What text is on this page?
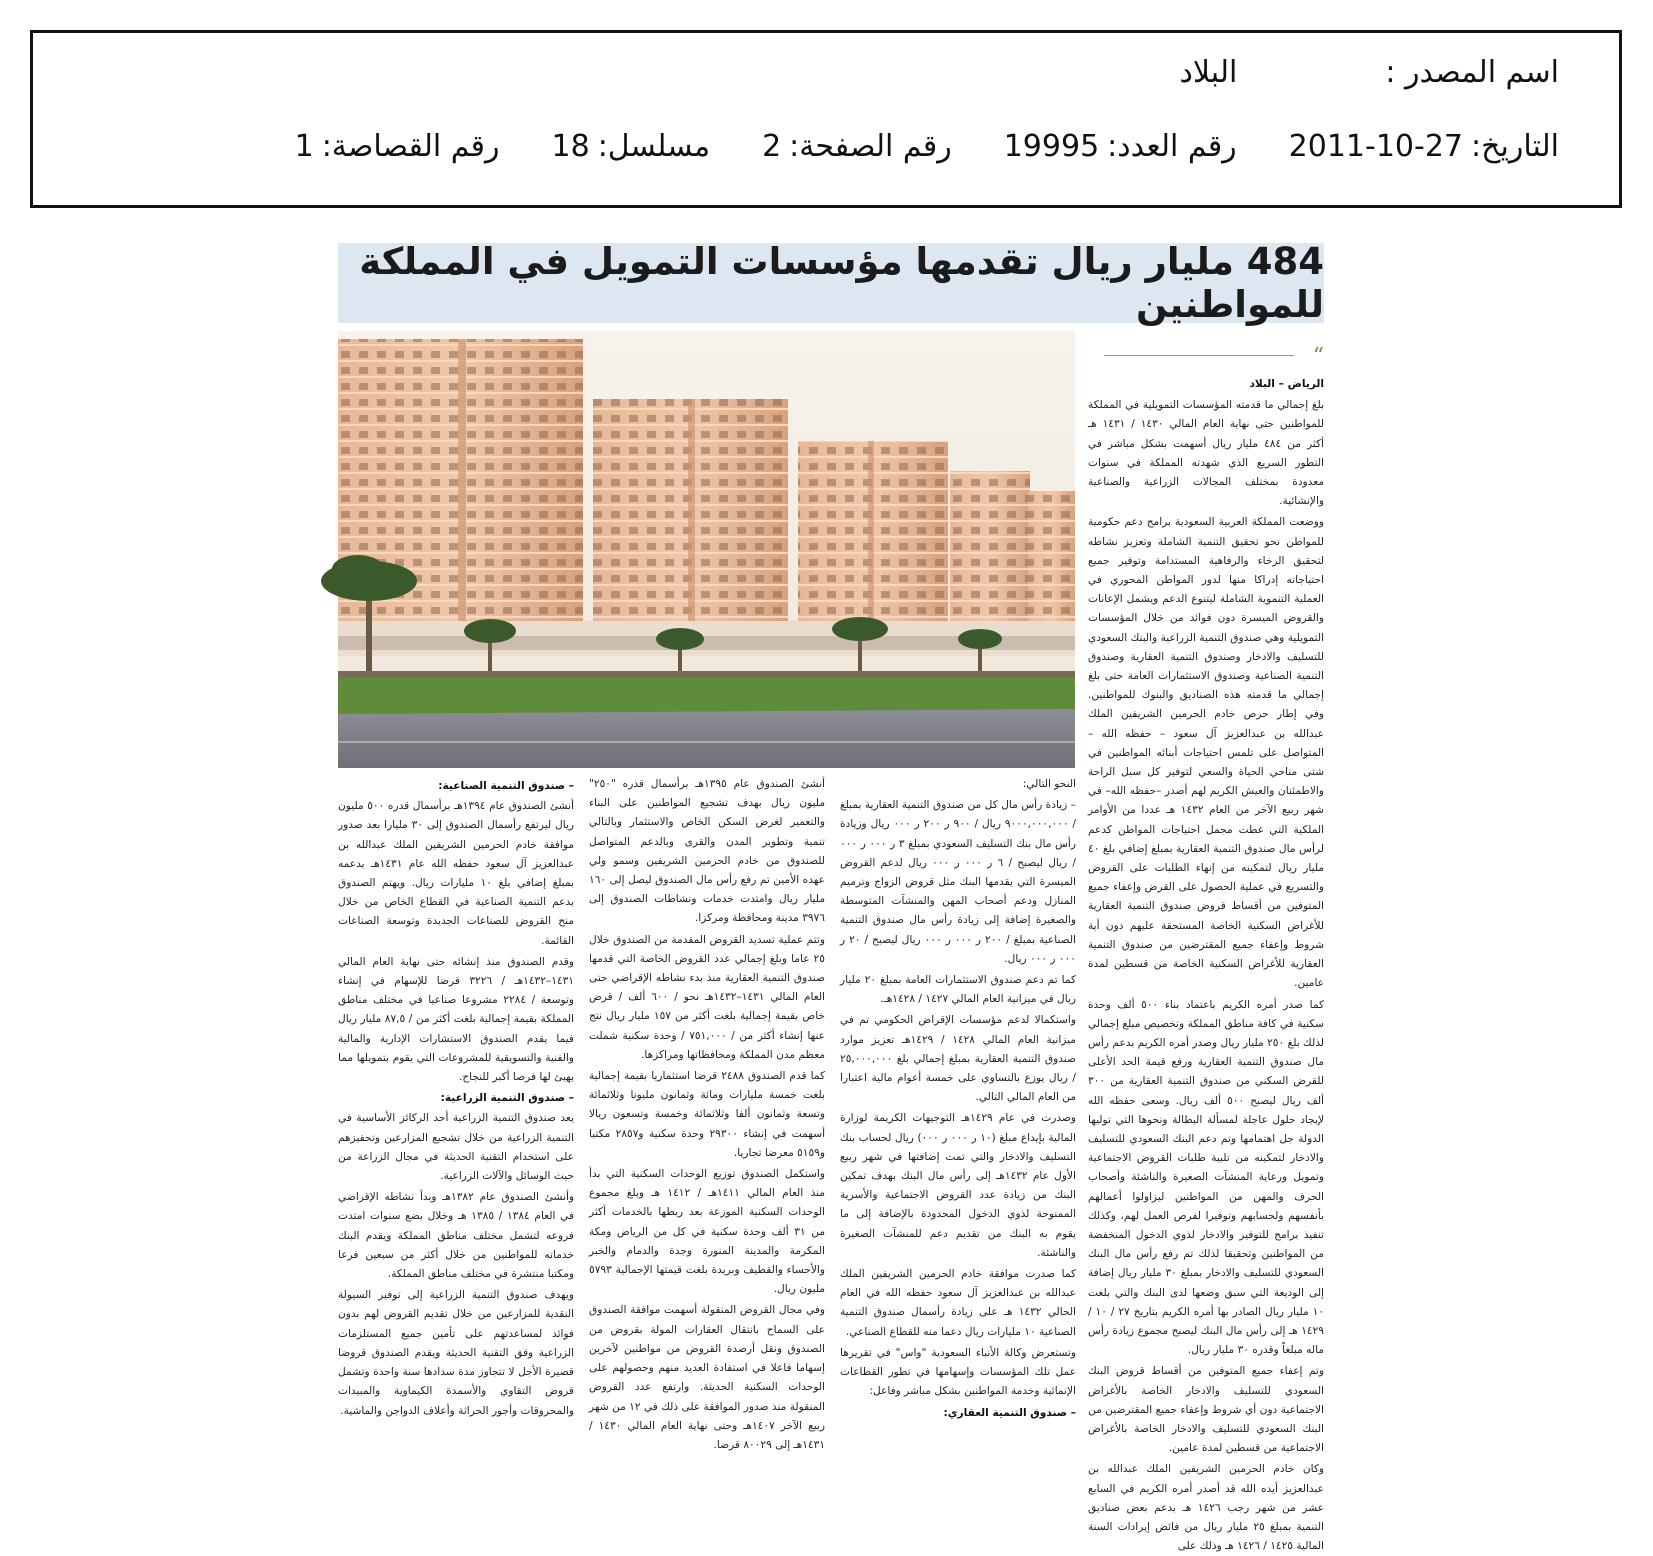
اسم المصدر :
البلاد
التاريخ:
2011-10-27
رقم العدد:
19995
رقم الصفحة:
2
مسلسل:
18
رقم القصاصة:
1
484 مليار ريال تقدمها مؤسسات التمويل في المملكة للمواطنين
“

الرياض – البلاد

بلغ إجمالي ما قدمته المؤسسات التمويلية في المملكة للمواطنين حتى نهاية العام المالي ١٤٣٠ / ١٤٣١ هـ أكثر من ٤٨٤ مليار ريال أسهمت بشكل مباشر في التطور السريع الذي شهدته المملكة في سنوات معدودة بمختلف المجالات الزراعية والصناعية والإنشائية.

ووضعت المملكة العربية السعودية برامج دعم حكومية للمواطن نحو تحقيق التنمية الشاملة وتعزيز نشاطه لتحقيق الرخاء والرفاهية المستدامة وتوفير جميع احتياجاته إدراكا منها لدور المواطن المحوري في العملية التنموية الشاملة ليتنوع الدعم ويشمل الإعانات والقروض الميسرة دون فوائد من خلال المؤسسات التمويلية وهي صندوق التنمية الزراعية والبنك السعودي للتسليف والادخار وصندوق التنمية العقارية وصندوق التنمية الصناعية وصندوق الاستثمارات العامة حتى بلغ إجمالي ما قدمته هذه الصناديق والبنوك للمواطنين. وفي إطار حرص خادم الحرمين الشريفين الملك عبدالله بن عبدالعزيز آل سعود – حفظه الله – المتواصل على تلمس احتياجات أبنائه المواطنين في شتى مناحي الحياة والسعي لتوفير كل سبل الراحة والاطمئنان والعيش الكريم لهم أصدر –حفظه الله– في شهر ربيع الآخر من العام ١٤٣٢ هـ عددا من الأوامر الملكية التي غطت مجمل احتياجات المواطن كدعم لرأس مال صندوق التنمية العقارية بمبلغ إضافي بلغ ٤٠ مليار ريال لتمكينه من إنهاء الطلبات على القروض والتسريع في عملية الحصول على القرض وإعفاء جميع المتوفين من أقساط قروض صندوق التنمية العقارية للأغراض السكنية الخاصة المستحقة عليهم دون أية شروط وإعفاء جميع المقترضين من صندوق التنمية العقارية للأغراض السكنية الخاصة من قسطين لمدة عامين.

كما صدر أمره الكريم باعتماد بناء ٥٠٠ ألف وحدة سكنية في كافة مناطق المملكة وتخصيص مبلغ إجمالي لذلك بلغ ٢٥٠ مليار ريال وصدر أمره الكريم بدعم رأس مال صندوق التنمية العقارية ورفع قيمة الحد الأعلى للقرض السكني من صندوق التنمية العقارية من ٣٠٠ ألف ريال ليصبح ٥٠٠ ألف ريال. وسعى حفظه الله لإيجاد حلول عاجلة لمسألة البطالة ونحوها التي توليها الدولة جل اهتمامها وتم دعم البنك السعودي للتسليف والادخار لتمكينه من تلبية طلبات القروض الاجتماعية وتمويل ورعاية المنشآت الصغيرة والناشئة وأصحاب الحرف والمهن من المواطنين ليزاولوا أعمالهم بأنفسهم ولحسابهم وتوفيرا لفرص العمل لهم، وكذلك تنفيذ برامج للتوفير والادخار لذوي الدخول المنخفضة من المواطنين وتحقيقا لذلك تم رفع رأس مال البنك السعودي للتسليف والادخار بمبلغ ٣٠ مليار ريال إضافة إلى الوديعة التي سبق وضعها لدى البنك والتي بلغت ١٠ مليار ريال الصادر بها أمره الكريم بتاريخ ٢٧ / ١٠ / ١٤٢٩ هـ إلى رأس مال البنك ليصبح مجموع زيادة رأس ماله مبلغاً وقدره ٣٠ مليار ريال.

وتم إعفاء جميع المتوفين من أقساط قروض البنك السعودي للتسليف والادخار الخاصة بالأغراض الاجتماعية دون أي شروط وإعفاء جميع المقترضين من البنك السعودي للتسليف والادخار الخاصة بالأغراض الاجتماعية من قسطين لمدة عامين.

وكان خادم الحرمين الشريفين الملك عبدالله بن عبدالعزيز أيده الله قد أصدر أمره الكريم في السابع عشر من شهر رجب ١٤٢٦ هـ بدعم بعض صناديق التنمية بمبلغ ٢٥ مليار ريال من فائض إيرادات السنة المالية ١٤٢٥ / ١٤٢٦ هـ وذلك على

النحو التالي:

– زيادة رأس مال كل من صندوق التنمية العقارية بمبلغ / ٩٠٠٠,٠٠٠,٠٠٠ ريال / ٩٠٠ ر ٢٠٠ ر ٠٠٠ ريال وزيادة رأس مال بنك التسليف السعودي بمبلغ ٣ ر ٠٠٠ ر ٠٠٠ / ريال ليصبح / ٦ ر ٠٠٠ ر ٠٠٠ ريال لدعم القروض الميسرة التي يقدمها البنك مثل قروض الزواج وترميم المنازل ودعم أصحاب المهن والمنشآت المتوسطة والصغيرة إضافة إلى زيادة رأس مال صندوق التنمية الصناعية بمبلغ / ٢٠٠ ر ٠٠٠ ر ٠٠٠ ريال ليصبح / ٢٠ ر ٠٠٠ ر ٠٠٠ ريال.

كما تم دعم صندوق الاستثمارات العامة بمبلغ ٢٠ مليار ريال في ميزانية العام المالي ١٤٢٧ / ١٤٢٨هـ.

واستكمالا لدعم مؤسسات الإقراض الحكومي تم في ميزانية العام المالي ١٤٢٨ / ١٤٢٩هـ تعزيز موارد صندوق التنمية العقارية بمبلغ إجمالي بلغ ٢٥,٠٠٠,٠٠٠ / ريال يوزع بالتساوي على خمسة أعوام مالية اعتبارا من العام المالي التالي.

وصدرت في عام ١٤٢٩هـ التوجيهات الكريمة لوزارة المالية بإيداع مبلغ (١٠ ر ٠٠٠ ر ٠٠٠) ريال لحساب بنك التسليف والادخار والتي تمت إضافتها في شهر ربيع الأول عام ١٤٣٢هـ إلى رأس مال البنك بهدف تمكين البنك من زيادة عدد القروض الاجتماعية والأسرية الممنوحة لذوي الدخول المحدودة بالإضافة إلى ما يقوم به البنك من تقديم دعم للمنشآت الصغيرة والناشئة.

كما صدرت موافقة خادم الحرمين الشريفين الملك عبدالله بن عبدالعزيز آل سعود حفظه الله في العام الحالي ١٤٣٢ هـ على زيادة رأسمال صندوق التنمية الصناعية ١٠ مليارات ريال دعما منه للقطاع الصناعي.

وتستعرض وكالة الأنباء السعودية "واس" في تقريرها عمل تلك المؤسسات وإسهامها في تطور القطاعات الإنمائية وخدمة المواطنين بشكل مباشر وفاعل:

– صندوق التنمية العقاري:

أنشئ الصندوق عام ١٣٩٥هـ برأسمال قدره "٢٥٠" مليون ريال بهدف تشجيع المواطنين على البناء والتعمير لغرض السكن الخاص والاستثمار وبالتالي تنمية وتطوير المدن والقرى وبالدعم المتواصل للصندوق من خادم الحرمين الشريفين وسمو ولي عهده الأمين تم رفع رأس مال الصندوق ليصل إلى ١٦٠ مليار ريال وامتدت خدمات ونشاطات الصندوق إلى ٣٩٧٦ مدينة ومحافظة ومركزا.

وتتم عملية تسديد القروض المقدمة من الصندوق خلال ٢٥ عاما وبلغ إجمالي عدد القروض الخاصة التي قدمها صندوق التنمية العقارية منذ بدء نشاطه الإقراضي حتى العام المالي ١٤٣١–١٤٣٢هـ نحو / ٦٠٠ ألف / قرض خاص بقيمة إجمالية بلغت أكثر من ١٥٧ مليار ريال نتج عنها إنشاء أكثر من / ٧٥١,٠٠٠ / وحدة سكنية شملت معظم مدن المملكة ومحافظاتها ومراكزها.

كما قدم الصندوق ٢٤٨٨ قرضا استثماريا بقيمة إجمالية بلغت خمسة مليارات ومائة وثمانون مليونا وثلاثمائة وتسعة وثمانون ألفا وثلاثمائة وخمسة وتسعون ريالا أسهمت في إنشاء ٢٩٣٠٠ وحدة سكنية و٢٨٥٧ مكتبا و٥١٥٩ معرضا تجاريا.

واستكمل الصندوق توزيع الوحدات السكنية التي بدأ منذ العام المالي ١٤١١هـ / ١٤١٢ هـ وبلغ مجموع الوحدات السكنية الموزعة بعد ربطها بالخدمات أكثر من ٣١ ألف وحدة سكنية في كل من الرياض ومكة المكرمة والمدينة المنورة وجدة والدمام والخبر والأحساء والقطيف وبريدة بلغت قيمتها الإجمالية ٥٧٩٣ مليون ريال.

وفي مجال القروض المنقولة أسهمت موافقة الصندوق على السماح بانتقال العقارات المولة بقروض من الصندوق ونقل أرصدة القروض من مواطنين لآخرين إسهاما فاعلا في استفادة العديد منهم وحصولهم على الوحدات السكنية الحديثة. وارتفع عدد القروض المنقولة منذ صدور الموافقة على ذلك في ١٢ من شهر ربيع الآخر ١٤٠٧هـ وحتى نهاية العام المالي ١٤٣٠ / ١٤٣١هـ إلى ٨٠٠٢٩ قرضا.

– صندوق التنمية الصناعية:

أنشئ الصندوق عام ١٣٩٤هـ برأسمال قدره ٥٠٠ مليون ريال ليرتفع رأسمال الصندوق إلى ٣٠ مليارا بعد صدور موافقة خادم الحرمين الشريفين الملك عبدالله بن عبدالعزيز آل سعود حفظه الله عام ١٤٣١هـ بدعمه بمبلغ إضافي بلغ ١٠ مليارات ريال. ويهتم الصندوق بدعم التنمية الصناعية في القطاع الخاص من خلال منح القروض للصناعات الجديدة وتوسعة الصناعات القائمة.

وقدم الصندوق منذ إنشائه حتى نهاية العام المالي ١٤٣١–١٤٣٢هـ / ٣٢٢٦ قرضا للإسهام في إنشاء وتوسعة / ٢٢٨٤ مشروعا صناعيا في مختلف مناطق المملكة بقيمة إجمالية بلغت أكثر من / ٨٧,٥ مليار ريال فيما يقدم الصندوق الاستشارات الإدارية والمالية والفنية والتسويقية للمشروعات التي يقوم بتمويلها مما يهيئ لها فرصا أكبر للنجاح.

– صندوق التنمية الزراعية:

يعد صندوق التنمية الزراعية أحد الركائز الأساسية في التنمية الزراعية من خلال تشجيع المزارعين وتحفيزهم على استخدام التقنية الحديثة في مجال الزراعة من حيث الوسائل والآلات الزراعية.

وأنشئ الصندوق عام ١٣٨٢هـ وبدأ نشاطه الإقراضي في العام ١٣٨٤ / ١٣٨٥ هـ وخلال بضع سنوات امتدت فروعه لتشمل مختلف مناطق المملكة ويقدم البنك خدماته للمواطنين من خلال أكثر من سبعين فرعا ومكتبا منتشرة في مختلف مناطق المملكة.

ويهدف صندوق التنمية الزراعية إلى توفير السيولة النقدية للمزارعين من خلال تقديم القروض لهم بدون فوائد لمساعدتهم على تأمين جميع المستلزمات الزراعية وفق التقنية الحديثة ويقدم الصندوق قروضا قصيرة الأجل لا تتجاوز مدة سدادها سنة واحدة وتشمل قروض التقاوي والأسمدة الكيماوية والمبيدات والمحروقات وأجور الحراثة وأعلاف الدواجن والماشية.
